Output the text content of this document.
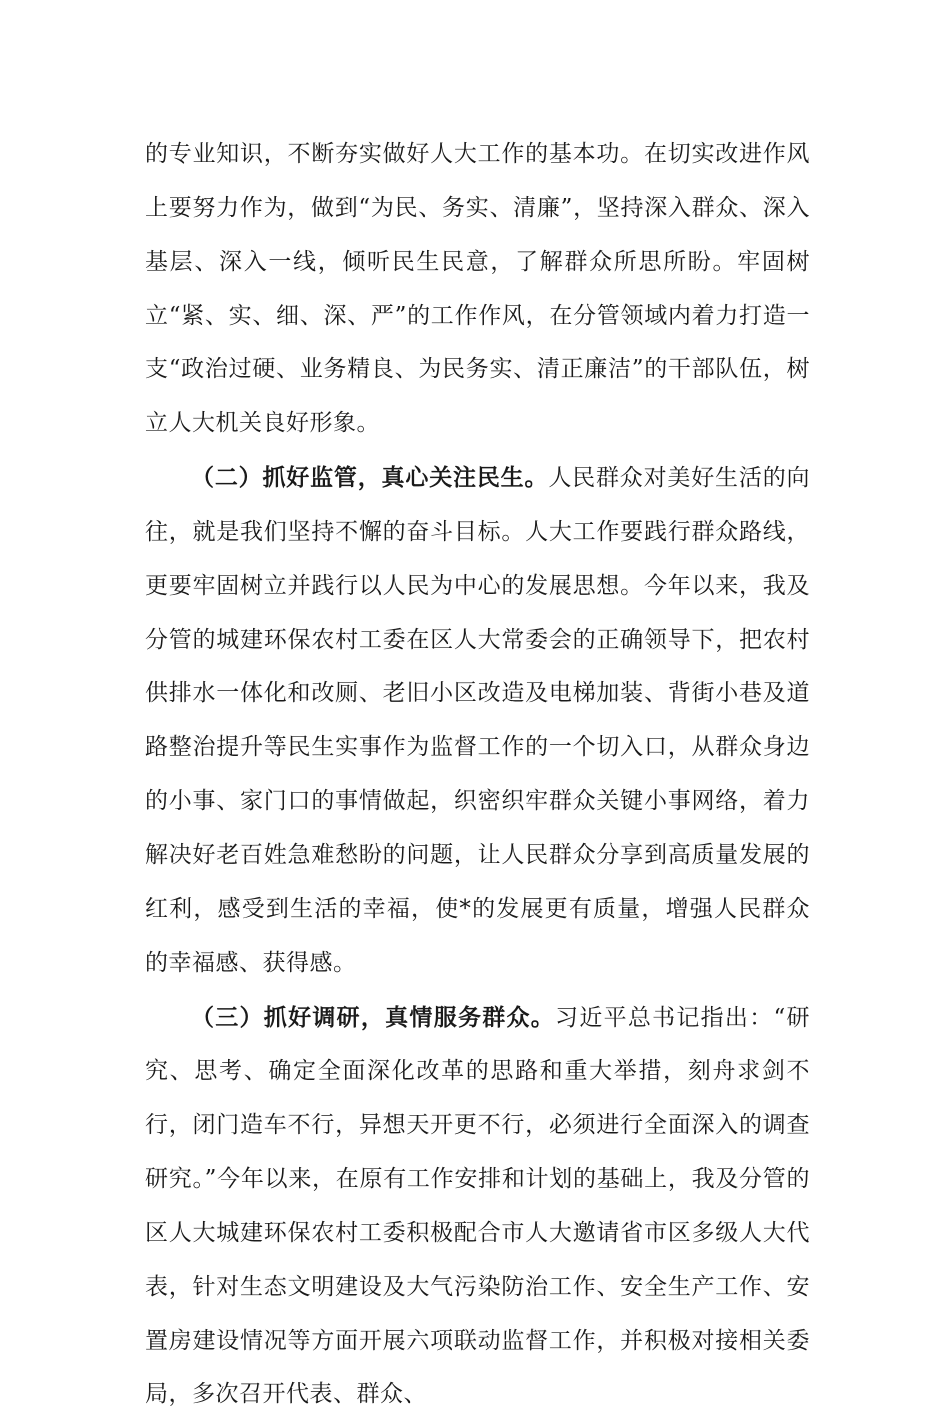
的专业知识，不断夯实做好人大工作的基本功。在切实改进作风上要努力作为，做到“为民、务实、清廉”，坚持深入群众、深入基层、深入一线，倾听民生民意，了解群众所思所盼。牢固树立“紧、实、细、深、严”的工作作风，在分管领域内着力打造一支“政治过硬、业务精良、为民务实、清正廉洁”的干部队伍，树立人大机关良好形象。

（二）抓好监管，真心关注民生。人民群众对美好生活的向往，就是我们坚持不懈的奋斗目标。人大工作要践行群众路线，更要牢固树立并践行以人民为中心的发展思想。今年以来，我及分管的城建环保农村工委在区人大常委会的正确领导下，把农村供排水一体化和改厕、老旧小区改造及电梯加装、背街小巷及道路整治提升等民生实事作为监督工作的一个切入口，从群众身边的小事、家门口的事情做起，织密织牢群众关键小事网络，着力解决好老百姓急难愁盼的问题，让人民群众分享到高质量发展的红利，感受到生活的幸福，使*的发展更有质量，增强人民群众的幸福感、获得感。

（三）抓好调研，真情服务群众。习近平总书记指出：“研究、思考、确定全面深化改革的思路和重大举措，刻舟求剑不行，闭门造车不行，异想天开更不行，必须进行全面深入的调查研究。”今年以来，在原有工作安排和计划的基础上，我及分管的区人大城建环保农村工委积极配合市人大邀请省市区多级人大代表，针对生态文明建设及大气污染防治工作、安全生产工作、安置房建设情况等方面开展六项联动监督工作，并积极对接相关委局，多次召开代表、群众、
